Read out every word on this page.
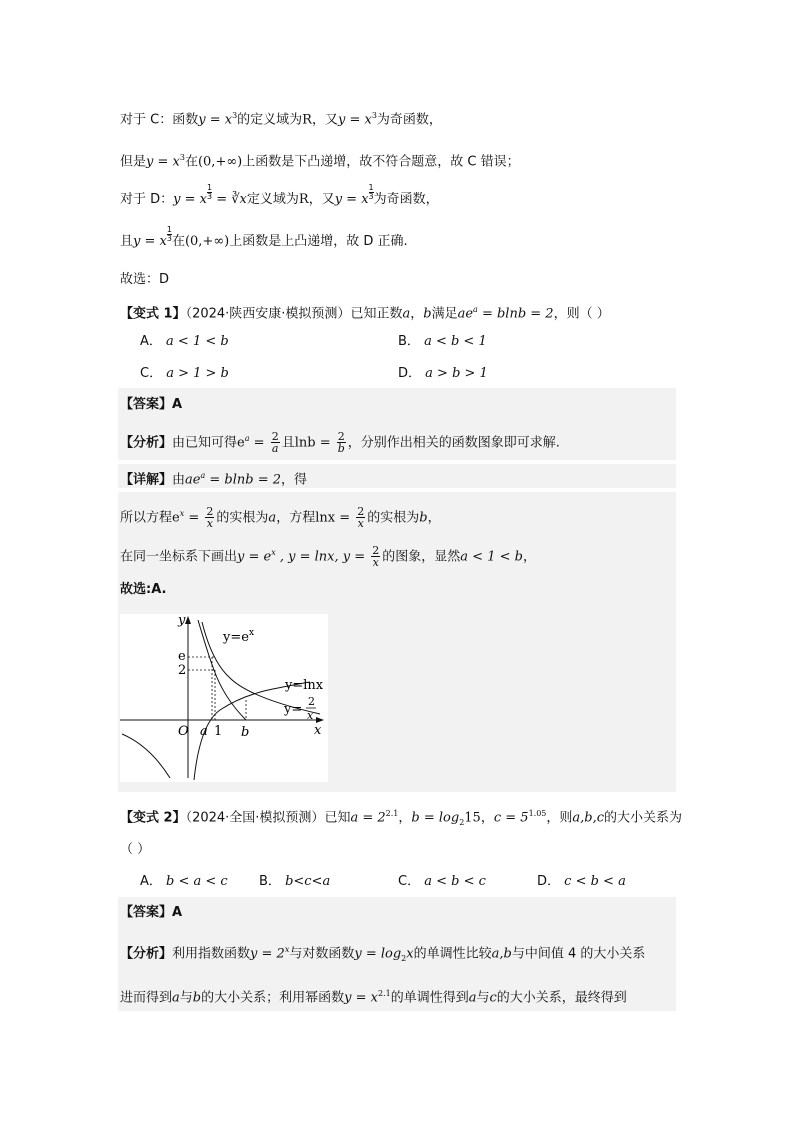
对于 C：函数$y = x^3$的定义域为R，又$y = x^3$为奇函数，
但是$y = x^3$在(0,+∞)上函数是下凸递增，故不符合题意，故 C 错误；
对于 D：y = x $\frac{1}{3}$ = ∛x定义域为R，又y = x $\frac{1}{3}$ 为奇函数，
且y = x $\frac{1}{3}$ 在(0,+∞)上函数是上凸递增，故 D 正确.
故选：D
【变式 1】（2024·陕西安康·模拟预测）已知正数a，b满足$ae^a = blnb = 2$，则（ ）
A． a < 1 < b	B． a < b < 1
C． a > 1 > b	D． a > b > 1
【答案】A
【分析】由已知可得$e^a = \frac{2}{a}$ 且$\ln b = \frac{2}{b}$ ，分别作出相关的函数图象即可求解.
【详解】由$ae^a = blnb = 2$，得
所以方程$e^x = \frac{2}{x}$ 的实根为a，方程$\ln x = \frac{2}{x}$ 的实根为b，
在同一坐标系下画出$y = e^x$ , y = lnx, $y = \frac{2}{x}$ 的图象，显然a < 1 < b，
故选:A.
y
x
O
e
2
a 1 b
$y=e^x$
y=lnx
y=
2
x
【变式 2】（2024·全国·模拟预测）已知$a = 2^{2.1}$，$b = \log_215$，$c = 5^{1.05}$，则a,b,c的大小关系为
（ ）
A． b < a < c B． b<c<a	C． a < b < c	D． c < b < a
【答案】A
【分析】利用指数函数$y = 2^x$与对数函数$y = \log_2x$的单调性比较a,b与中间值 4 的大小关系
进而得到a与b的大小关系；利用幂函数$y = x^{2.1}$的单调性得到a与c的大小关系，最终得到
